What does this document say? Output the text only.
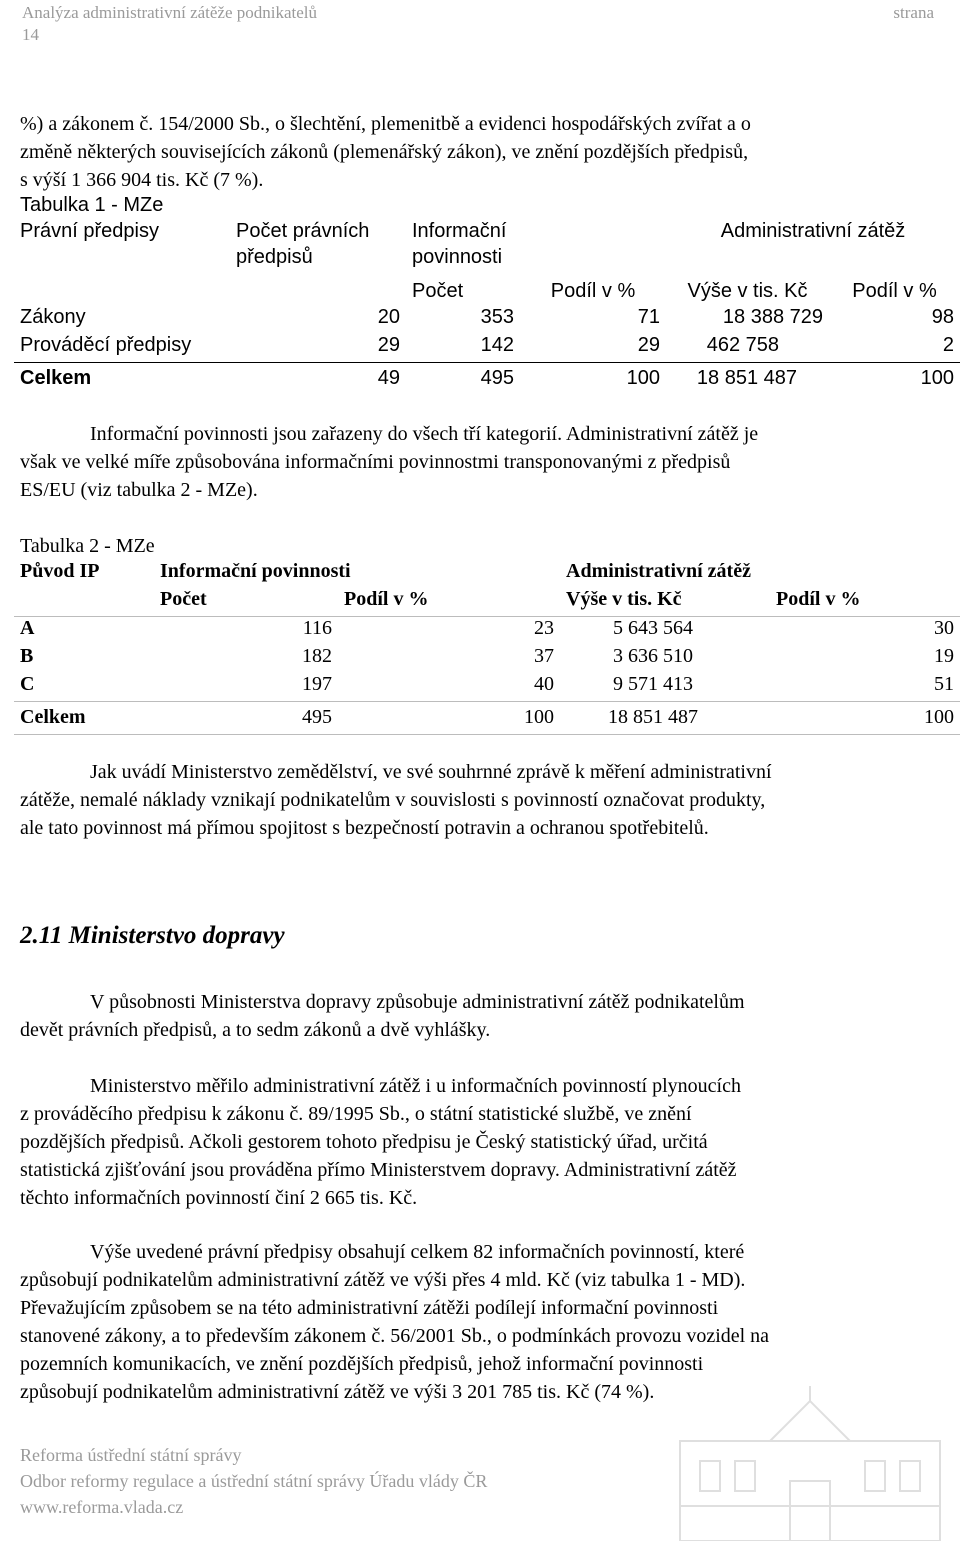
Analýza administrativní zátěže podnikatelů	strana
14
%) a zákonem č. 154/2000 Sb., o šlechtění, plemenitbě a evidenci hospodářských zvířat a o
změně některých souvisejících zákonů (plemenářský zákon), ve znění pozdějších předpisů,
s výší 1 366 904 tis. Kč (7 %).
Tabulka 1 - MZe
Právní předpisy	Počet právních	Informační		Administrativní zátěž	
	předpisů	povinnosti			
		Počet	Podíl v %	Výše v tis. Kč	Podíl v %
Zákony	20	353	71	18 388 729	98
Prováděcí předpisy	29	142	29	462 758	2
Celkem	49	495	100	18 851 487	100
Informační povinnosti jsou zařazeny do všech tří kategorií. Administrativní zátěž je
však ve velké míře způsobována informačními povinnostmi transponovanými z předpisů
ES/EU (viz tabulka 2 - MZe).
Tabulka 2 - MZe
Původ IP	Informační povinnosti		Administrativní zátěž	
	Počet	Podíl v %	Výše v tis. Kč	Podíl v %
A	116	23	5 643 564	30
B	182	37	3 636 510	19
C	197	40	9 571 413	51
Celkem	495	100	18 851 487	100
Jak uvádí Ministerstvo zemědělství, ve své souhrnné zprávě k měření administrativní
zátěže, nemalé náklady vznikají podnikatelům v souvislosti s povinností označovat produkty,
ale tato povinnost má přímou spojitost s bezpečností potravin a ochranou spotřebitelů.
2.11 Ministerstvo dopravy
V působnosti Ministerstva dopravy způsobuje administrativní zátěž podnikatelům
devět právních předpisů, a to sedm zákonů a dvě vyhlášky.
Ministerstvo měřilo administrativní zátěž i u informačních povinností plynoucích
z prováděcího předpisu k zákonu č. 89/1995 Sb., o státní statistické službě, ve znění
pozdějších předpisů. Ačkoli gestorem tohoto předpisu je Český statistický úřad, určitá
statistická zjišťování jsou prováděna přímo Ministerstvem dopravy. Administrativní zátěž
těchto informačních povinností činí 2 665 tis. Kč.
Výše uvedené právní předpisy obsahují celkem 82 informačních povinností, které
způsobují podnikatelům administrativní zátěž ve výši přes 4 mld. Kč (viz tabulka 1 - MD).
Převažujícím způsobem se na této administrativní zátěži podílejí informační povinnosti
stanovené zákony, a to především zákonem č. 56/2001 Sb., o podmínkách provozu vozidel na
pozemních komunikacích, ve znění pozdějších předpisů, jehož informační povinnosti
způsobují podnikatelům administrativní zátěž ve výši 3 201 785 tis. Kč (74 %).
Reforma ústřední státní správy
Odbor reformy regulace a ústřední státní správy Úřadu vlády ČR
www.reforma.vlada.cz
